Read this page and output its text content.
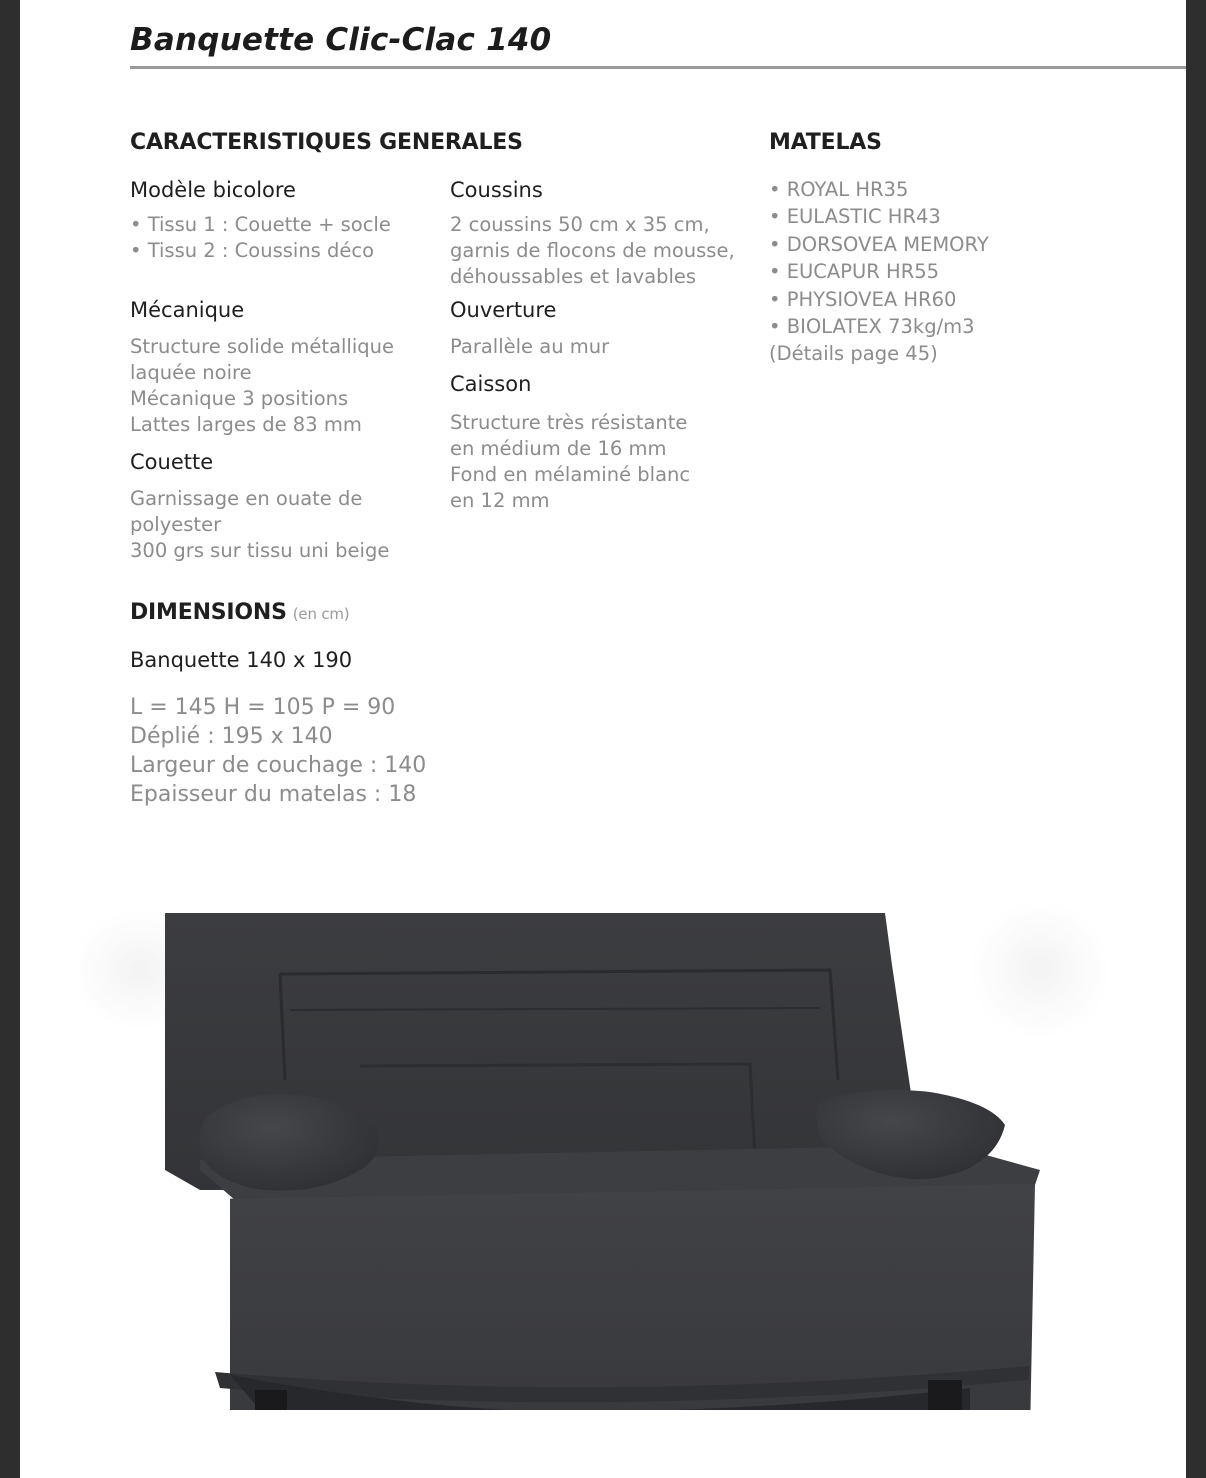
Banquette Clic-Clac 140
CARACTERISTIQUES GENERALES
Modèle bicolore
• Tissu 1 : Couette + socle
• Tissu 2 : Coussins déco
Mécanique
Structure solide métallique
laquée noire
Mécanique 3 positions
Lattes larges de 83 mm
Couette
Garnissage en ouate de
polyester
300 grs sur tissu uni beige
Coussins
2 coussins 50 cm x 35 cm,
garnis de flocons de mousse,
déhoussables et lavables
Ouverture
Parallèle au mur
Caisson
Structure très résistante
en médium de 16 mm
Fond en mélaminé blanc
en 12 mm
MATELAS
• ROYAL HR35
• EULASTIC HR43
• DORSOVEA MEMORY
• EUCAPUR HR55
• PHYSIOVEA HR60
• BIOLATEX 73kg/m3
(Détails page 45)
DIMENSIONS (en cm)
Banquette 140 x 190
L = 145 H = 105 P = 90
Déplié : 195 x 140
Largeur de couchage : 140
Epaisseur du matelas : 18
